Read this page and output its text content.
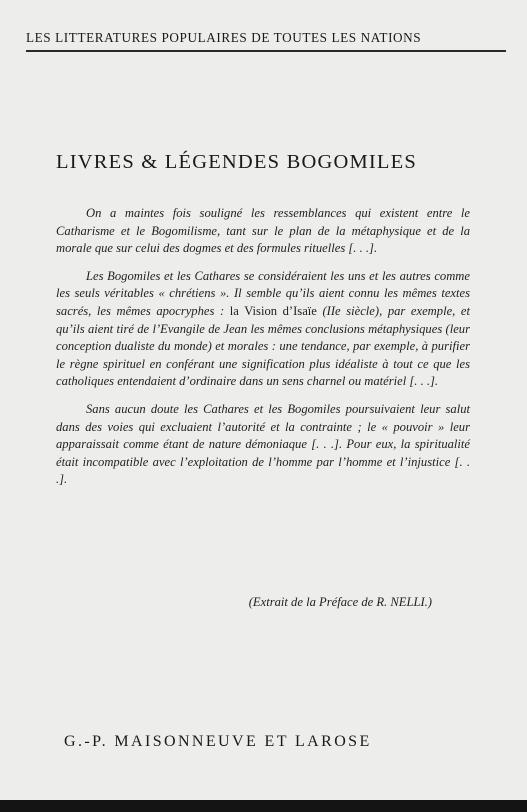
LES LITTERATURES POPULAIRES DE TOUTES LES NATIONS
LIVRES & LÉGENDES BOGOMILES

On a maintes fois souligné les ressemblances qui existent entre le Catharisme et le Bogomilisme, tant sur le plan de la métaphysique et de la morale que sur celui des dogmes et des formules rituelles [. . .].

Les Bogomiles et les Cathares se considéraient les uns et les autres comme les seuls véritables « chrétiens ». Il semble qu’ils aient connu les mêmes textes sacrés, les mêmes apocryphes : la Vision d’Isaïe (IIe siècle), par exemple, et qu’ils aient tiré de l’Evangile de Jean les mêmes conclusions métaphysiques (leur conception dualiste du monde) et morales : une tendance, par exemple, à purifier le règne spirituel en conférant une signification plus idéaliste à tout ce que les catholiques entendaient d’ordinaire dans un sens charnel ou matériel [. . .].

Sans aucun doute les Cathares et les Bogomiles poursuivaient leur salut dans des voies qui excluaient l’autorité et la contrainte ; le « pouvoir » leur apparaissait comme étant de nature démoniaque [. . .]. Pour eux, la spiritualité était incompatible avec l’exploitation de l’homme par l’homme et l’injustice [. . .].

(Extrait de la Préface de R. NELLI.)
G.-P. MAISONNEUVE ET LAROSE
